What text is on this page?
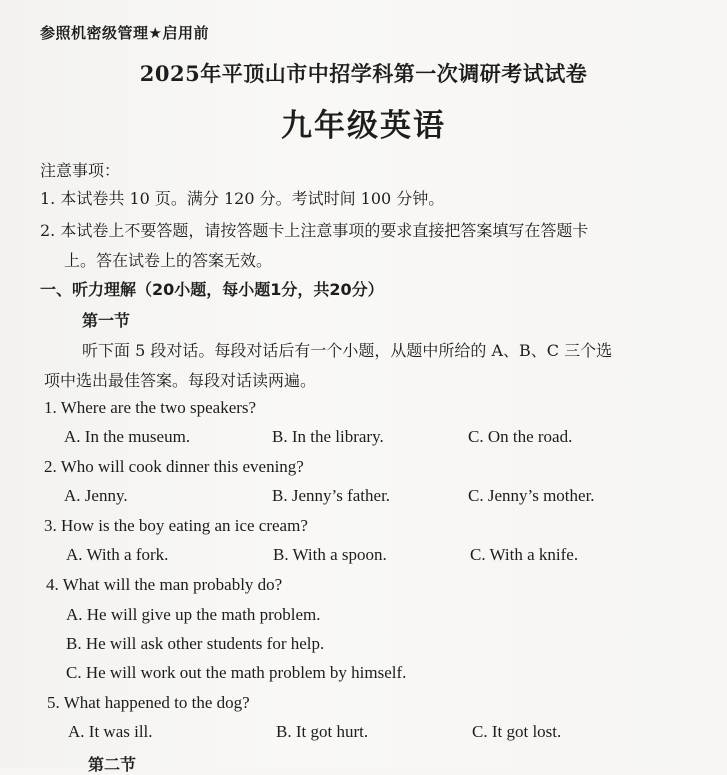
参照机密级管理★启用前
2025年平顶山市中招学科第一次调研考试试卷
九年级英语
注意事项：
1. 本试卷共 10 页。满分 120 分。考试时间 100 分钟。
2. 本试卷上不要答题，请按答题卡上注意事项的要求直接把答案填写在答题卡
上。答在试卷上的答案无效。
一、听力理解（20小题，每小题1分，共20分）
第一节
听下面 5 段对话。每段对话后有一个小题，从题中所给的 A、B、C 三个选
项中选出最佳答案。每段对话读两遍。
1. Where are the two speakers?
A. In the museum.	B. In the library.	C. On the road.
2. Who will cook dinner this evening?
A. Jenny.	B. Jenny’s father.	C. Jenny’s mother.
3. How is the boy eating an ice cream?
A. With a fork.	B. With a spoon.	C. With a knife.
4. What will the man probably do?
A. He will give up the math problem.
B. He will ask other students for help.
C. He will work out the math problem by himself.
5. What happened to the dog?
A. It was ill.	B. It got hurt.	C. It got lost.
第二节
